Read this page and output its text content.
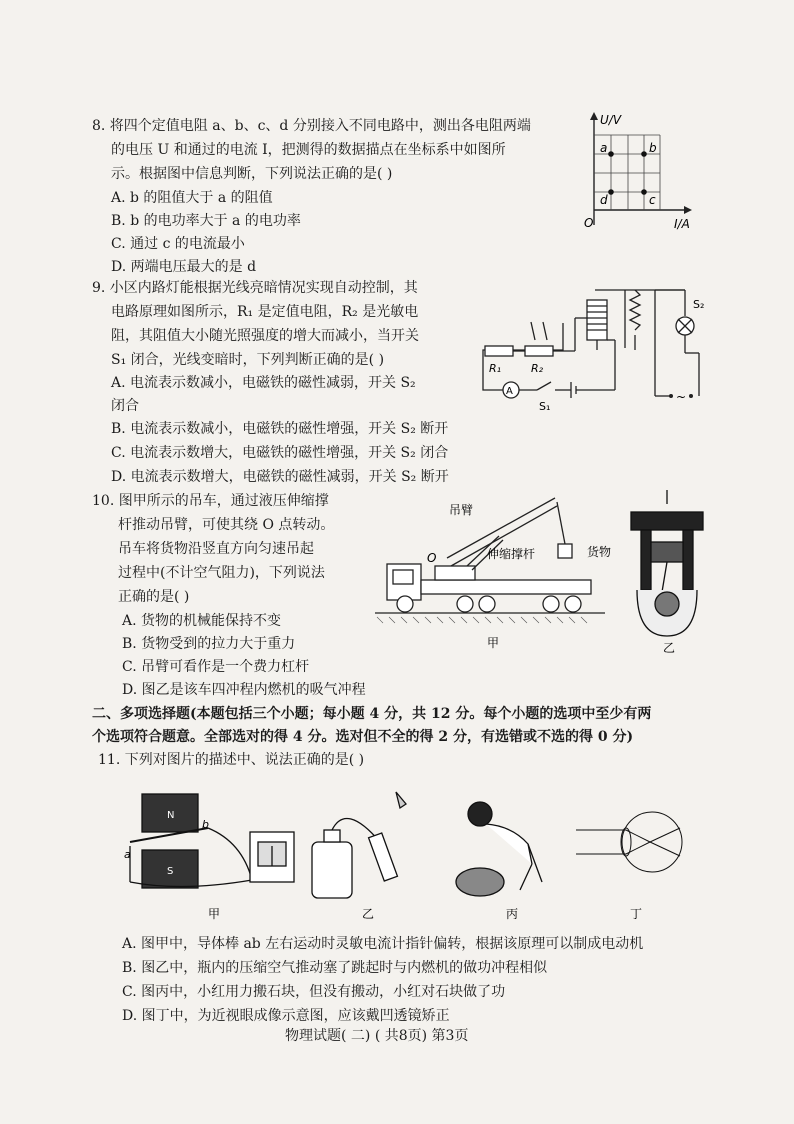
8. 将四个定值电阻 a、b、c、d 分别接入不同电路中，测出各电阻两端
的电压 U 和通过的电流 I，把测得的数据描点在坐标系中如图所
示。根据图中信息判断，下列说法正确的是( )
A. b 的阻值大于 a 的阻值
B. b 的电功率大于 a 的电功率
C. 通过 c 的电流最小
D. 两端电压最大的是 d
U/V
I/A
O
a	b
c
d
9. 小区内路灯能根据光线亮暗情况实现自动控制，其
电路原理如图所示，R₁ 是定值电阻，R₂ 是光敏电
阻，其阻值大小随光照强度的增大而减小，当开关
S₁ 闭合，光线变暗时，下列判断正确的是( )
A. 电流表示数减小，电磁铁的磁性减弱，开关 S₂
闭合
B. 电流表示数减小，电磁铁的磁性增强，开关 S₂ 断开
C. 电流表示数增大，电磁铁的磁性增强，开关 S₂ 闭合
D. 电流表示数增大，电磁铁的磁性减弱，开关 S₂ 断开
R₁	R₂
A
S₁
S₂
~
10. 图甲所示的吊车，通过液压伸缩撑
杆推动吊臂，可使其绕 O 点转动。
吊车将货物沿竖直方向匀速吊起
过程中(不计空气阻力)，下列说法
正确的是( )
A. 货物的机械能保持不变
B. 货物受到的拉力大于重力
C. 吊臂可看作是一个费力杠杆
D. 图乙是该车四冲程内燃机的吸气冲程
吊臂
O	伸缩撑杆	货物
甲	乙
二、多项选择题(本题包括三个小题；每小题 4 分，共 12 分。每个小题的选项中至少有两
个选项符合题意。全部选对的得 4 分。选对但不全的得 2 分，有选错或不选的得 0 分)
11. 下列对图片的描述中、说法正确的是( )
N
S
a
b
甲	乙	丙	丁
A. 图甲中，导体棒 ab 左右运动时灵敏电流计指针偏转，根据该原理可以制成电动机
B. 图乙中，瓶内的压缩空气推动塞了跳起时与内燃机的做功冲程相似
C. 图丙中，小红用力搬石块，但没有搬动，小红对石块做了功
D. 图丁中，为近视眼成像示意图，应该戴凹透镜矫正
物理试题( 二) ( 共8页) 第3页
